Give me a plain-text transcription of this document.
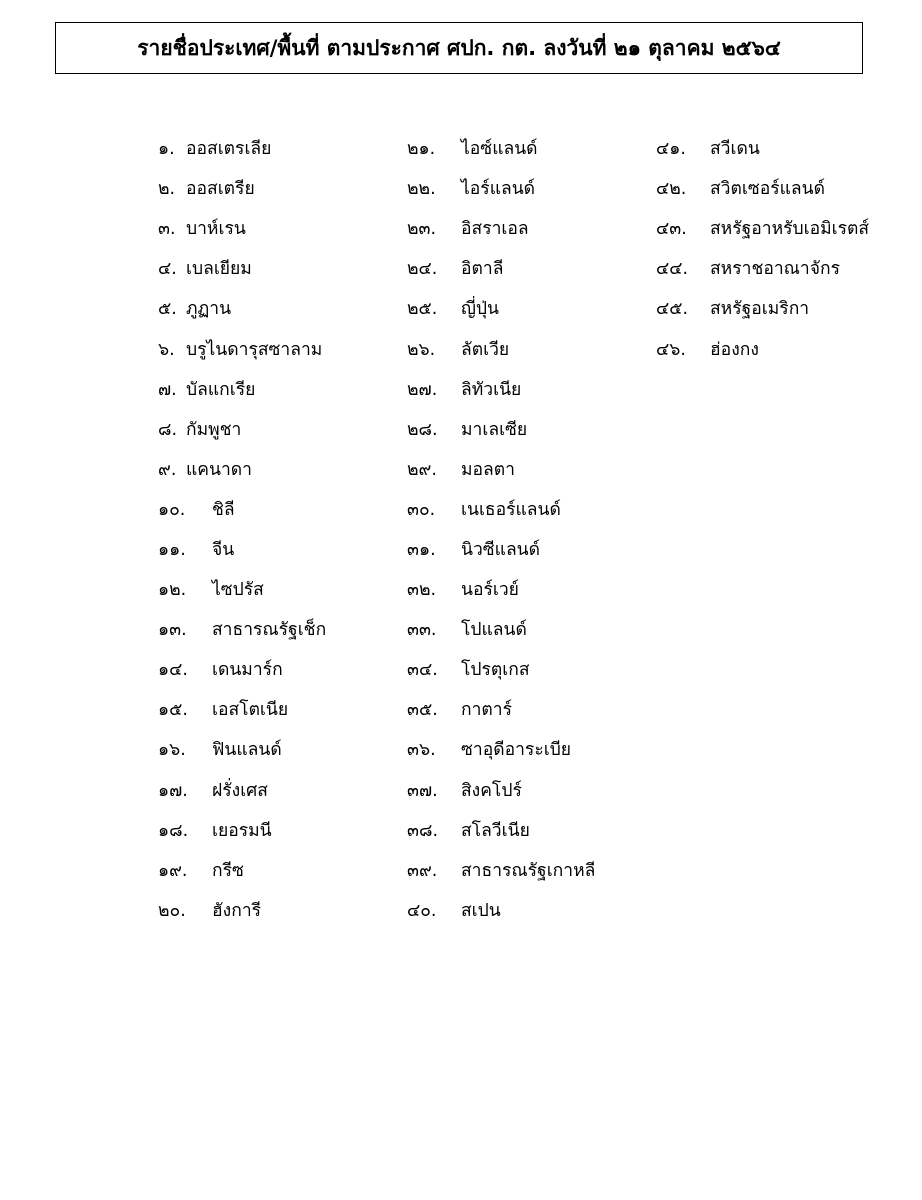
รายชื่อประเทศ/พื้นที่ ตามประกาศ ศปก. กต. ลงวันที่ ๒๑ ตุลาคม ๒๕๖๔
๑. ออสเตรเลีย
๒. ออสเตรีย
๓. บาห์เรน
๔. เบลเยียม
๕. ภูฏาน
๖. บรูไนดารุสซาลาม
๗. บัลแกเรีย
๘. กัมพูชา
๙. แคนาดา
๑๐.	ชิลี
๑๑.	จีน
๑๒.	ไซปรัส
๑๓.	สาธารณรัฐเช็ก
๑๔.	เดนมาร์ก
๑๕.	เอสโตเนีย
๑๖.	ฟินแลนด์
๑๗.	ฝรั่งเศส
๑๘.	เยอรมนี
๑๙.	กรีซ
๒๐.	ฮังการี
๒๑.	ไอซ์แลนด์
๒๒.	ไอร์แลนด์
๒๓.	อิสราเอล
๒๔.	อิตาลี
๒๕.	ญี่ปุ่น
๒๖.	ลัตเวีย
๒๗.	ลิทัวเนีย
๒๘.	มาเลเซีย
๒๙.	มอลตา
๓๐.	เนเธอร์แลนด์
๓๑.	นิวซีแลนด์
๓๒.	นอร์เวย์
๓๓.	โปแลนด์
๓๔.	โปรตุเกส
๓๕.	กาตาร์
๓๖.	ซาอุดีอาระเบีย
๓๗.	สิงคโปร์
๓๘.	สโลวีเนีย
๓๙.	สาธารณรัฐเกาหลี
๔๐.	สเปน
๔๑.	สวีเดน
๔๒.	สวิตเซอร์แลนด์
๔๓.	สหรัฐอาหรับเอมิเรตส์
๔๔.	สหราชอาณาจักร
๔๕.	สหรัฐอเมริกา
๔๖.	ฮ่องกง
